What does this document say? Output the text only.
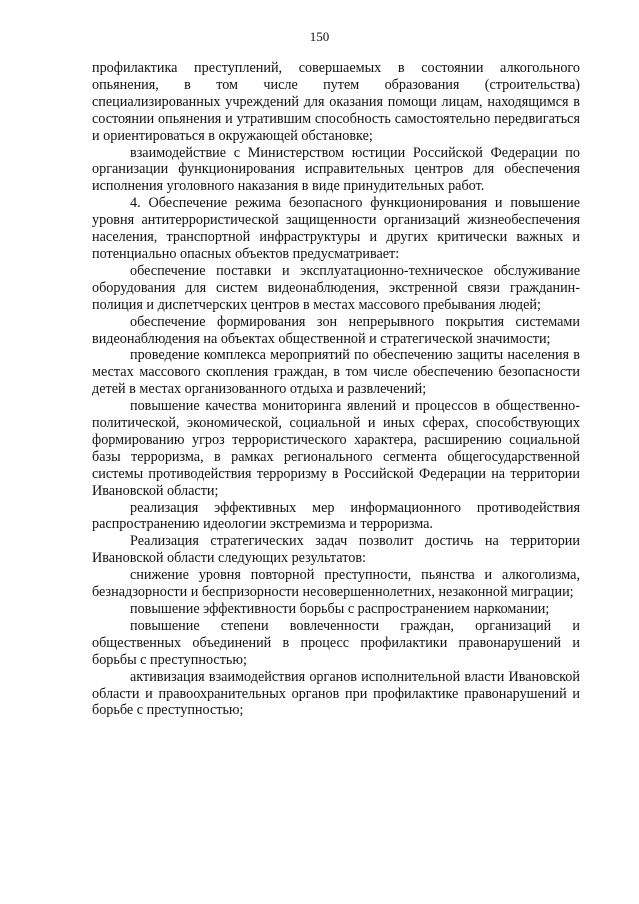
150

профилактика преступлений, совершаемых в состоянии алкогольного опьянения, в том числе путем образования (строительства) специализированных учреждений для оказания помощи лицам, находящимся в состоянии опьянения и утратившим способность самостоятельно передвигаться и ориентироваться в окружающей обстановке;

взаимодействие с Министерством юстиции Российской Федерации по организации функционирования исправительных центров для обеспечения исполнения уголовного наказания в виде принудительных работ.

4. Обеспечение режима безопасного функционирования и повышение уровня антитеррористической защищенности организаций жизнеобеспечения населения, транспортной инфраструктуры и других критически важных и потенциально опасных объектов предусматривает:

обеспечение поставки и эксплуатационно-техническое обслуживание оборудования для систем видеонаблюдения, экстренной связи гражданин-полиция и диспетчерских центров в местах массового пребывания людей;

обеспечение формирования зон непрерывного покрытия системами видеонаблюдения на объектах общественной и стратегической значимости;

проведение комплекса мероприятий по обеспечению защиты населения в местах массового скопления граждан, в том числе обеспечению безопасности детей в местах организованного отдыха и развлечений;

повышение качества мониторинга явлений и процессов в общественно-политической, экономической, социальной и иных сферах, способствующих формированию угроз террористического характера, расширению социальной базы терроризма, в рамках регионального сегмента общегосударственной системы противодействия терроризму в Российской Федерации на территории Ивановской области;

реализация эффективных мер информационного противодействия распространению идеологии экстремизма и терроризма.

Реализация стратегических задач позволит достичь на территории Ивановской области следующих результатов:

снижение уровня повторной преступности, пьянства и алкоголизма, безнадзорности и беспризорности несовершеннолетних, незаконной миграции;

повышение эффективности борьбы с распространением наркомании;

повышение степени вовлеченности граждан, организаций и общественных объединений в процесс профилактики правонарушений и борьбы с преступностью;

активизация взаимодействия органов исполнительной власти Ивановской области и правоохранительных органов при профилактике правонарушений и борьбе с преступностью;
